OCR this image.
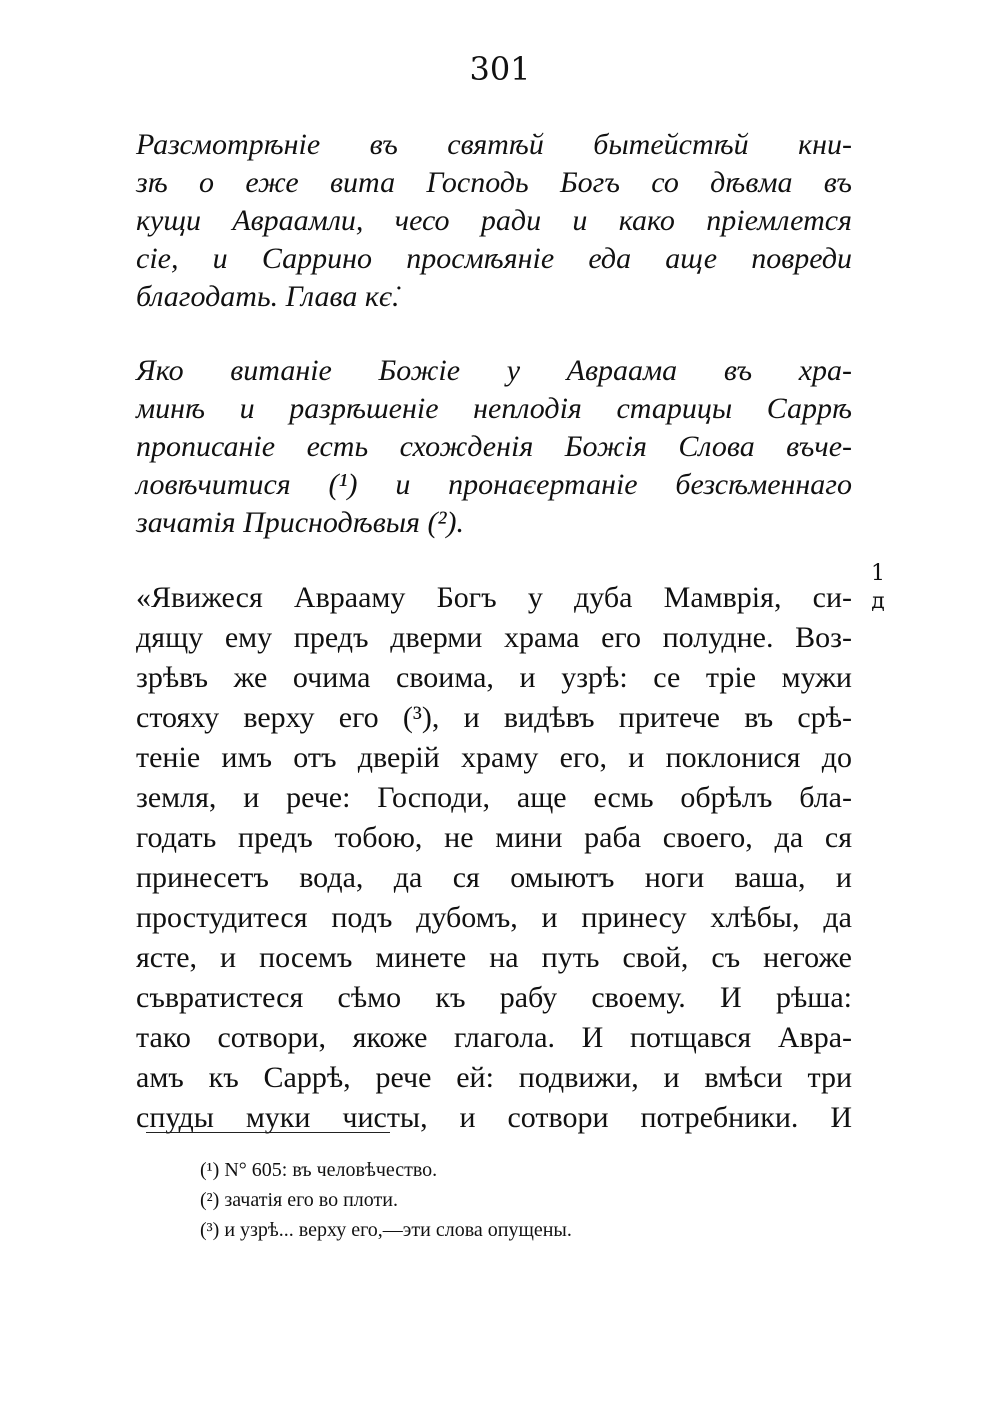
301
Разсмотрѣніе въ святѣй бытейстѣй кни-
зѣ о еже вита Господь Богъ со дѣвма въ
кущи Авраамли, чесо ради и како пріемлется
сіе, и Саррино просмѣяніе еда аще повреди
благодать. Глава кє̇.
Яко витаніе Божіе у Авраама въ хра-
минѣ и разрѣшеніе неплодія старицы Саррѣ
прописаніе есть схожденія Божія Слова въче-
ловѣчитися (¹) и пронаєертаніе безсѣменнаго
зачатія Приснодѣвыя (²).
1 д
«Явижеся Аврааму Богъ у дуба Мамврія, си-
дящу ему предъ дверми храма его полудне. Воз-
зрѣвъ же очима своима, и узрѣ: се тріе мужи
стояху верху его (³), и видѣвъ притече въ срѣ-
теніе имъ отъ дверій храму его, и поклонися до
земля, и рече: Господи, аще есмь обрѣлъ бла-
годать предъ тобою, не мини раба своего, да ся
принесетъ вода, да ся омыютъ ноги ваша, и
простудитеся подъ дубомъ, и принесу хлѣбы, да
ясте, и посемъ минете на путь свой, съ негоже
съвратистеся сѣмо къ рабу своему. И рѣша:
тако сотвори, якоже глагола. И потщався Авра-
амъ къ Саррѣ, рече ей: подвижи, и вмѣси три
спуды муки чисты, и сотвори потребники. И
(¹) N° 605: въ человѣчество.
(²) зачатія его во плоти.
(³) и узрѣ... верху его,—эти слова опущены.
